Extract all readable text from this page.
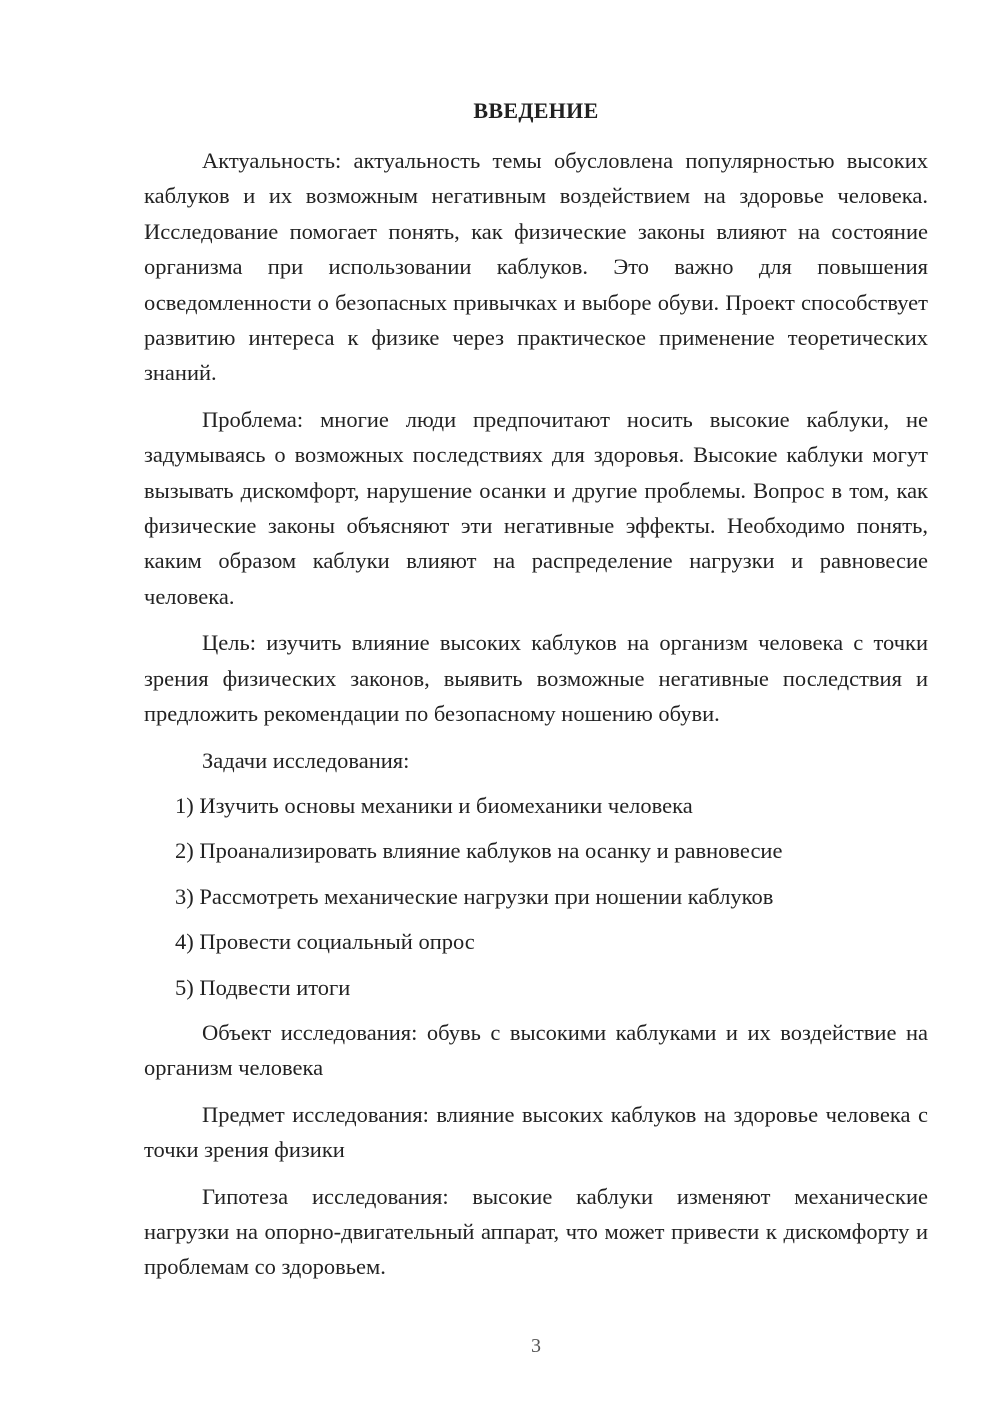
ВВЕДЕНИЕ

Актуальность: актуальность темы обусловлена популярностью высоких каблуков и их возможным негативным воздействием на здоровье человека. Исследование помогает понять, как физические законы влияют на состояние организма при использовании каблуков. Это важно для повышения осведомленности о безопасных привычках и выборе обуви. Проект способствует развитию интереса к физике через практическое применение теоретических знаний.

Проблема: многие люди предпочитают носить высокие каблуки, не задумываясь о возможных последствиях для здоровья. Высокие каблуки могут вызывать дискомфорт, нарушение осанки и другие проблемы. Вопрос в том, как физические законы объясняют эти негативные эффекты. Необходимо понять, каким образом каблуки влияют на распределение нагрузки и равновесие человека.

Цель: изучить влияние высоких каблуков на организм человека с точки зрения физических законов, выявить возможные негативные последствия и предложить рекомендации по безопасному ношению обуви.

Задачи исследования:

1) Изучить основы механики и биомеханики человека
2) Проанализировать влияние каблуков на осанку и равновесие
3) Рассмотреть механические нагрузки при ношении каблуков
4) Провести социальный опрос
5) Подвести итоги

Объект исследования: обувь с высокими каблуками и их воздействие на организм человека

Предмет исследования: влияние высоких каблуков на здоровье человека с точки зрения физики

Гипотеза исследования: высокие каблуки изменяют механические нагрузки на опорно-двигательный аппарат, что может привести к дискомфорту и проблемам со здоровьем.

3
